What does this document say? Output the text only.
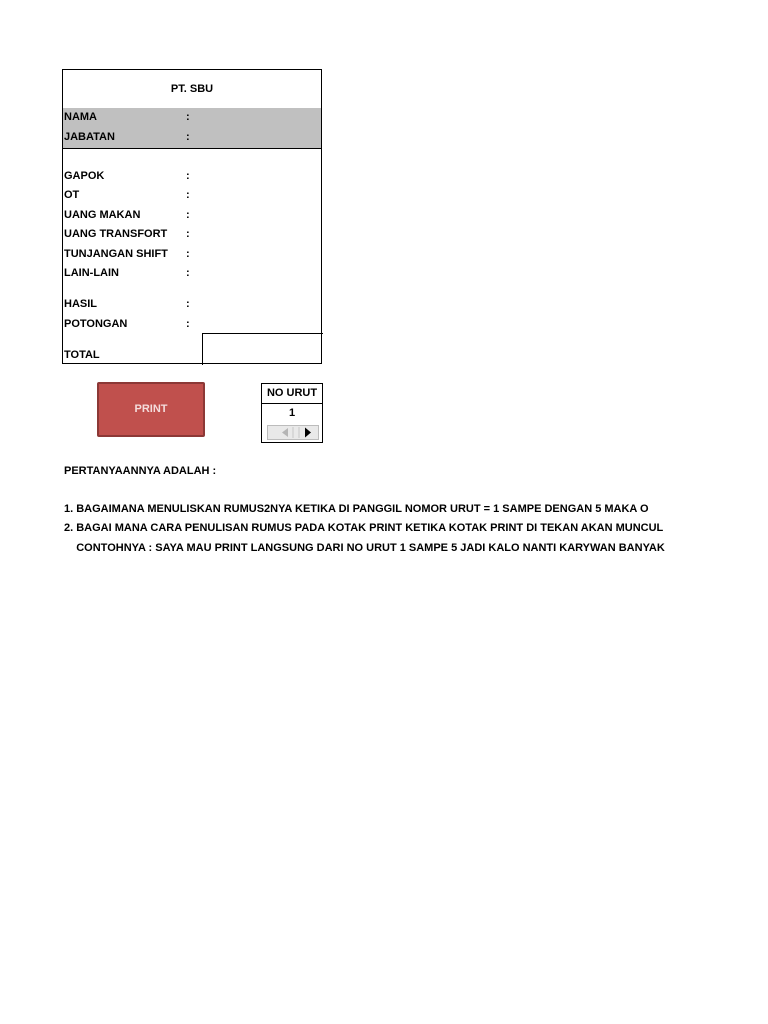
PT. SBU
NAMA	:
JABATAN	:
GAPOK	:
OT	:
UANG MAKAN	:
UANG TRANSFORT :
TUNJANGAN SHIFT :
LAIN-LAIN	:
HASIL	:
POTONGAN	:
TOTAL
PRINT
NO URUT
1
PERTANYAANNYA ADALAH :
1. BAGAIMANA MENULISKAN RUMUS2NYA KETIKA DI PANGGIL NOMOR URUT = 1 SAMPE DENGAN 5 MAKA O
2. BAGAI MANA CARA PENULISAN RUMUS PADA KOTAK PRINT KETIKA KOTAK PRINT DI TEKAN AKAN MUNCUL
CONTOHNYA : SAYA MAU PRINT LANGSUNG DARI NO URUT 1 SAMPE 5 JADI KALO NANTI KARYWAN BANYAK
